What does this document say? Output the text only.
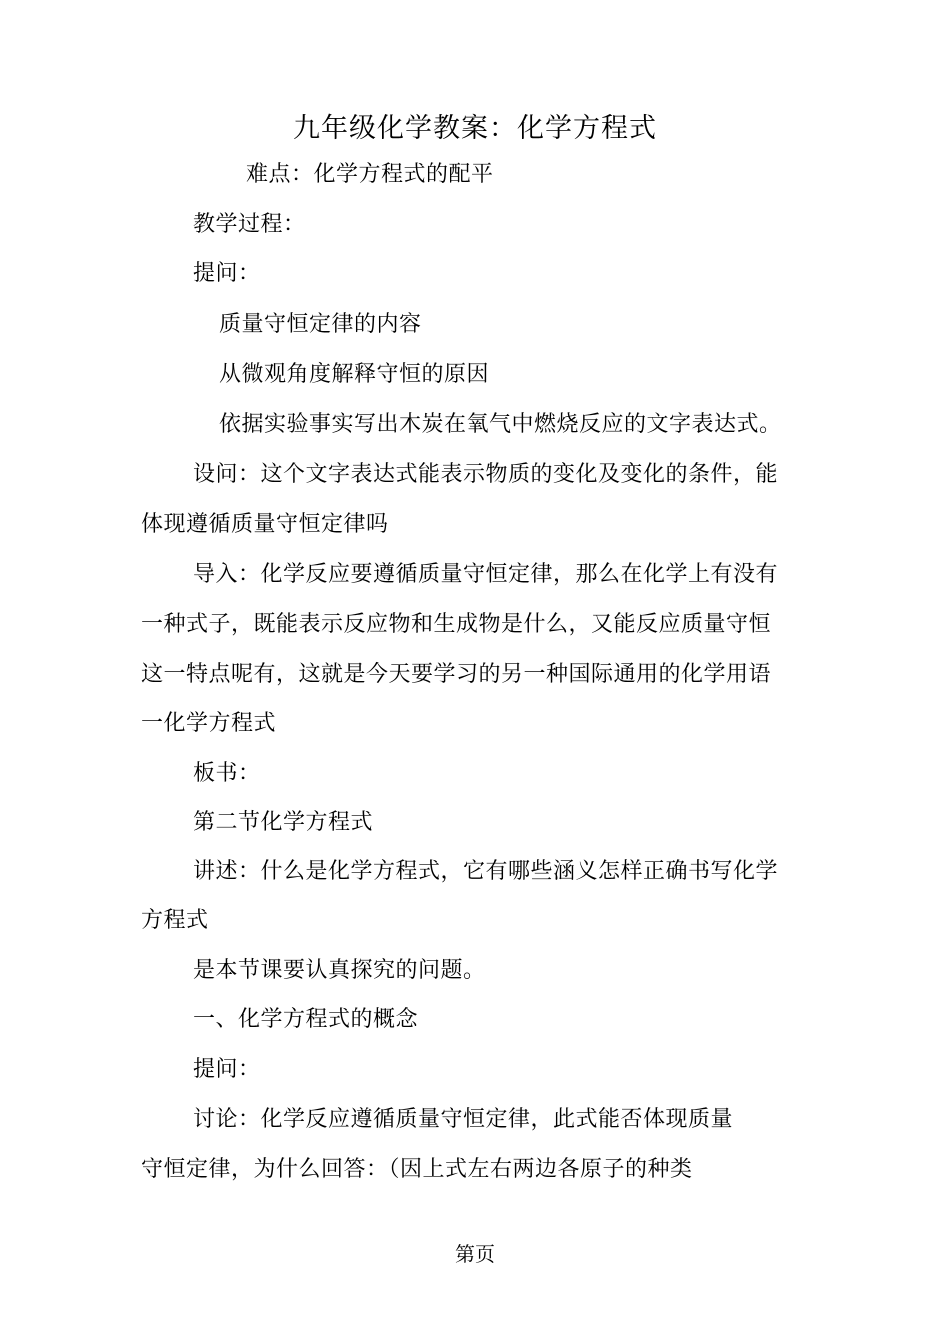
九年级化学教案：化学方程式
难点：化学方程式的配平
教学过程：
提问：
质量守恒定律的内容
从微观角度解释守恒的原因
依据实验事实写出木炭在氧气中燃烧反应的文字表达式。
设问：这个文字表达式能表示物质的变化及变化的条件，能
体现遵循质量守恒定律吗
导入：化学反应要遵循质量守恒定律，那么在化学上有没有
一种式子，既能表示反应物和生成物是什么，又能反应质量守恒
这一特点呢有，这就是今天要学习的另一种国际通用的化学用语
一化学方程式
板书：
第二节化学方程式
讲述：什么是化学方程式，它有哪些涵义怎样正确书写化学
方程式
是本节课要认真探究的问题。
一、化学方程式的概念
提问：
讨论：化学反应遵循质量守恒定律，此式能否体现质量
守恒定律，为什么回答：（因上式左右两边各原子的种类
第页
